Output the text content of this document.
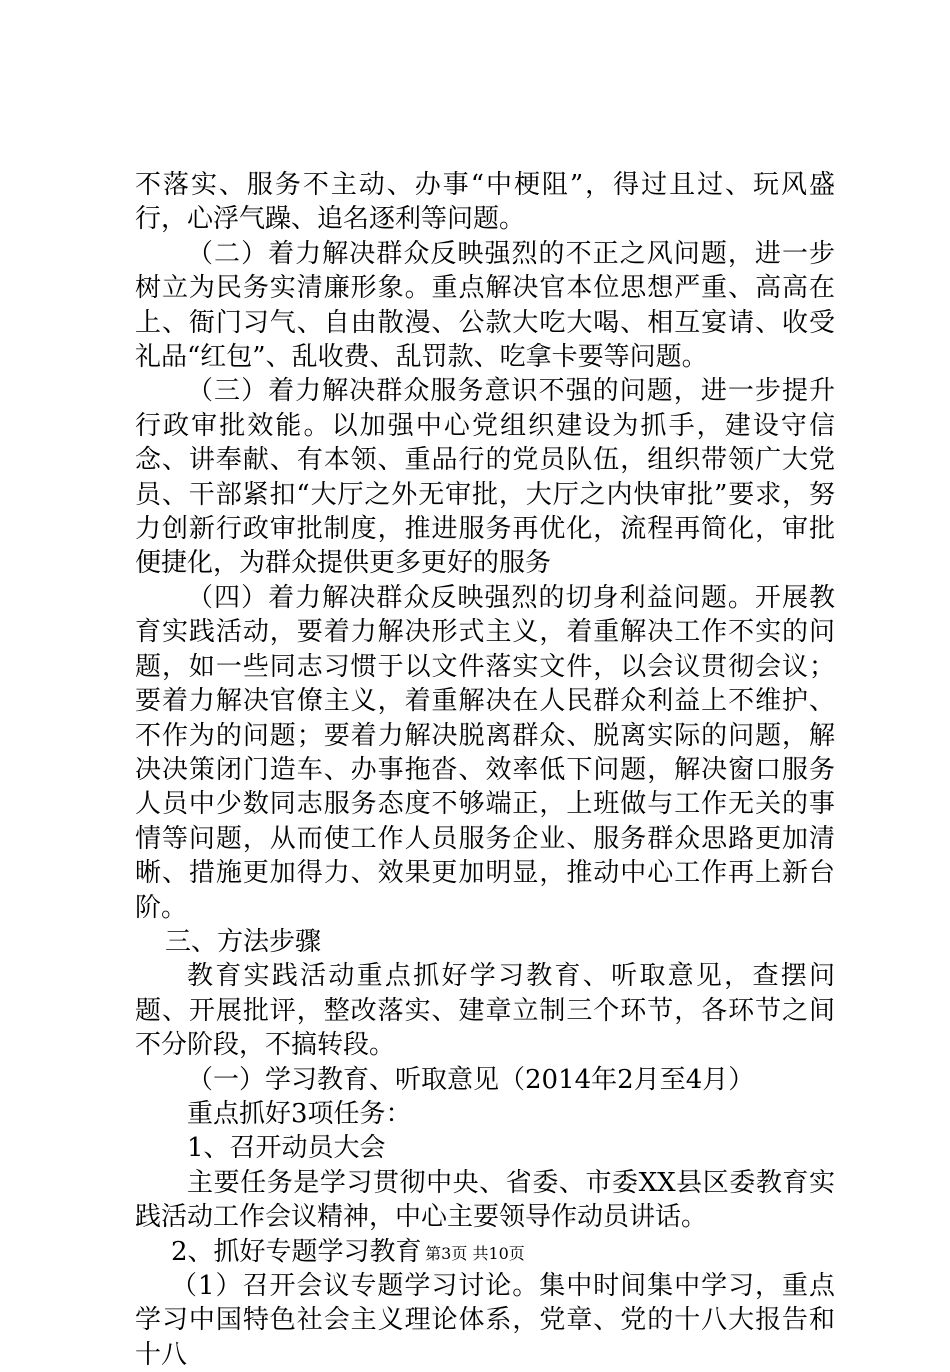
不落实、服务不主动、办事“中梗阻”，得过且过、玩风盛行，心浮气躁、追名逐利等问题。

（二）着力解决群众反映强烈的不正之风问题，进一步树立为民务实清廉形象。重点解决官本位思想严重、高高在上、衙门习气、自由散漫、公款大吃大喝、相互宴请、收受礼品“红包”、乱收费、乱罚款、吃拿卡要等问题。

（三）着力解决群众服务意识不强的问题，进一步提升行政审批效能。以加强中心党组织建设为抓手，建设守信念、讲奉献、有本领、重品行的党员队伍，组织带领广大党员、干部紧扣“大厅之外无审批，大厅之内快审批”要求，努力创新行政审批制度，推进服务再优化，流程再简化，审批便捷化，为群众提供更多更好的服务

（四）着力解决群众反映强烈的切身利益问题。开展教育实践活动，要着力解决形式主义，着重解决工作不实的问题，如一些同志习惯于以文件落实文件，以会议贯彻会议；要着力解决官僚主义，着重解决在人民群众利益上不维护、不作为的问题；要着力解决脱离群众、脱离实际的问题，解决决策闭门造车、办事拖沓、效率低下问题，解决窗口服务人员中少数同志服务态度不够端正，上班做与工作无关的事情等问题，从而使工作人员服务企业、服务群众思路更加清晰、措施更加得力、效果更加明显，推动中心工作再上新台阶。

三、方法步骤

教育实践活动重点抓好学习教育、听取意见，查摆问题、开展批评，整改落实、建章立制三个环节，各环节之间不分阶段，不搞转段。

（一）学习教育、听取意见（2014年2月至4月）

重点抓好3项任务：

1、召开动员大会

主要任务是学习贯彻中央、省委、市委XX县区委教育实践活动工作会议精神，中心主要领导作动员讲话。

2、抓好专题学习教育

（1）召开会议专题学习讨论。集中时间集中学习，重点学习中国特色社会主义理论体系，党章、党的十八大报告和十八

第3页 共10页
